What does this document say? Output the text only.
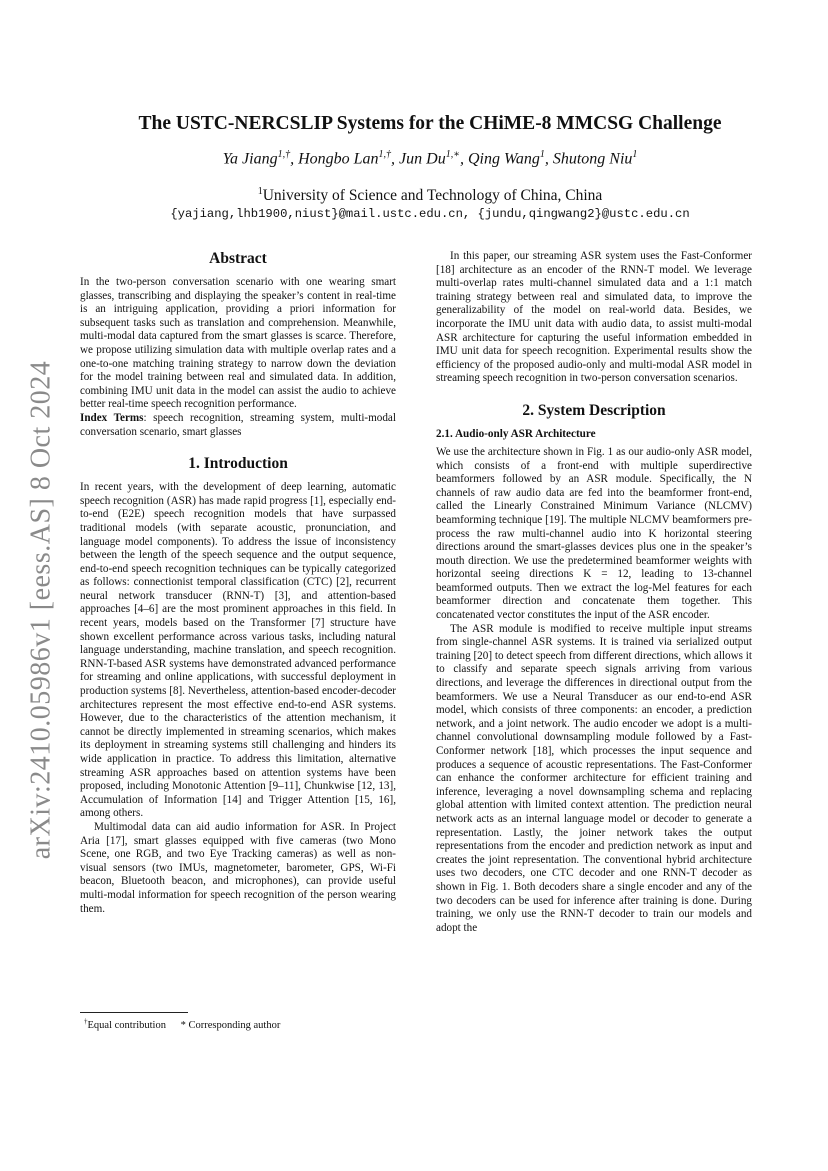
arXiv:2410.05986v1 [eess.AS] 8 Oct 2024
The USTC-NERCSLIP Systems for the CHiME-8 MMCSG Challenge
Ya Jiang$^{1,\dagger}$, Hongbo Lan$^{1,\dagger}$, Jun $Du^{1,∗}$, Qing Wang$^1$, Shutong Niu$^1$
$^1$University of Science and Technology of China, China
{yajiang,lhb1900,niust}@mail.ustc.edu.cn, {jundu,qingwang2}@ustc.edu.cn
Abstract

In the two-person conversation scenario with one wearing smart glasses, transcribing and displaying the speaker’s content in real-time is an intriguing application, providing a priori information for subsequent tasks such as translation and comprehension. Meanwhile, multi-modal data captured from the smart glasses is scarce. Therefore, we propose utilizing simulation data with multiple overlap rates and a one-to-one matching training strategy to narrow down the deviation for the model training between real and simulated data. In addition, combining IMU unit data in the model can assist the audio to achieve better real-time speech recognition performance.

Index Terms: speech recognition, streaming system, multi-modal conversation scenario, smart glasses

1. Introduction

In recent years, with the development of deep learning, automatic speech recognition (ASR) has made rapid progress [1], especially end-to-end (E2E) speech recognition models that have surpassed traditional models (with separate acoustic, pronunciation, and language model components). To address the issue of inconsistency between the length of the speech sequence and the output sequence, end-to-end speech recognition techniques can be typically categorized as follows: connectionist temporal classification (CTC) [2], recurrent neural network transducer (RNN-T) [3], and attention-based approaches [4–6] are the most prominent approaches in this field. In recent years, models based on the Transformer [7] structure have shown excellent performance across various tasks, including natural language understanding, machine translation, and speech recognition. RNN-T-based ASR systems have demonstrated advanced performance for streaming and online applications, with successful deployment in production systems [8]. Nevertheless, attention-based encoder-decoder architectures represent the most effective end-to-end ASR systems. However, due to the characteristics of the attention mechanism, it cannot be directly implemented in streaming scenarios, which makes its deployment in streaming systems still challenging and hinders its wide application in practice. To address this limitation, alternative streaming ASR approaches based on attention systems have been proposed, including Monotonic Attention [9–11], Chunkwise [12, 13], Accumulation of Information [14] and Trigger Attention [15, 16], among others.

Multimodal data can aid audio information for ASR. In Project Aria [17], smart glasses equipped with five cameras (two Mono Scene, one RGB, and two Eye Tracking cameras) as well as non-visual sensors (two IMUs, magnetometer, barometer, GPS, Wi-Fi beacon, Bluetooth beacon, and microphones), can provide useful multi-modal information for speech recognition of the person wearing them.

†Equal contribution * Corresponding author

In this paper, our streaming ASR system uses the Fast-Conformer [18] architecture as an encoder of the RNN-T model. We leverage multi-overlap rates multi-channel simulated data and a 1:1 match training strategy between real and simulated data, to improve the generalizability of the model on real-world data. Besides, we incorporate the IMU unit data with audio data, to assist multi-modal ASR architecture for capturing the useful information embedded in IMU unit data for speech recognition. Experimental results show the efficiency of the proposed audio-only and multi-modal ASR model in streaming speech recognition in two-person conversation scenarios.

2. System Description
2.1. Audio-only ASR Architecture

We use the architecture shown in Fig. 1 as our audio-only ASR model, which consists of a front-end with multiple superdirective beamformers followed by an ASR module. Specifically, the N channels of raw audio data are fed into the beamformer front-end, called the Linearly Constrained Minimum Variance (NLCMV) beamforming technique [19]. The multiple NLCMV beamformers pre-process the raw multi-channel audio into K horizontal steering directions around the smart-glasses devices plus one in the speaker’s mouth direction. We use the predetermined beamformer weights with horizontal seeing directions K = 12, leading to 13-channel beamformed outputs. Then we extract the log-Mel features for each beamformer direction and concatenate them together. This concatenated vector constitutes the input of the ASR encoder.

The ASR module is modified to receive multiple input streams from single-channel ASR systems. It is trained via serialized output training [20] to detect speech from different directions, which allows it to classify and separate speech signals arriving from various directions, and leverage the differences in directional output from the beamformers. We use a Neural Transducer as our end-to-end ASR model, which consists of three components: an encoder, a prediction network, and a joint network. The audio encoder we adopt is a multi-channel convolutional downsampling module followed by a Fast-Conformer network [18], which processes the input sequence and produces a sequence of acoustic representations. The Fast-Conformer can enhance the conformer architecture for efficient training and inference, leveraging a novel downsampling schema and replacing global attention with limited context attention. The prediction neural network acts as an internal language model or decoder to generate a representation. Lastly, the joiner network takes the output representations from the encoder and prediction network as input and creates the joint representation. The conventional hybrid architecture uses two decoders, one CTC decoder and one RNN-T decoder as shown in Fig. 1. Both decoders share a single encoder and any of the two decoders can be used for inference after training is done. During training, we only use the RNN-T decoder to train our models and adopt the
